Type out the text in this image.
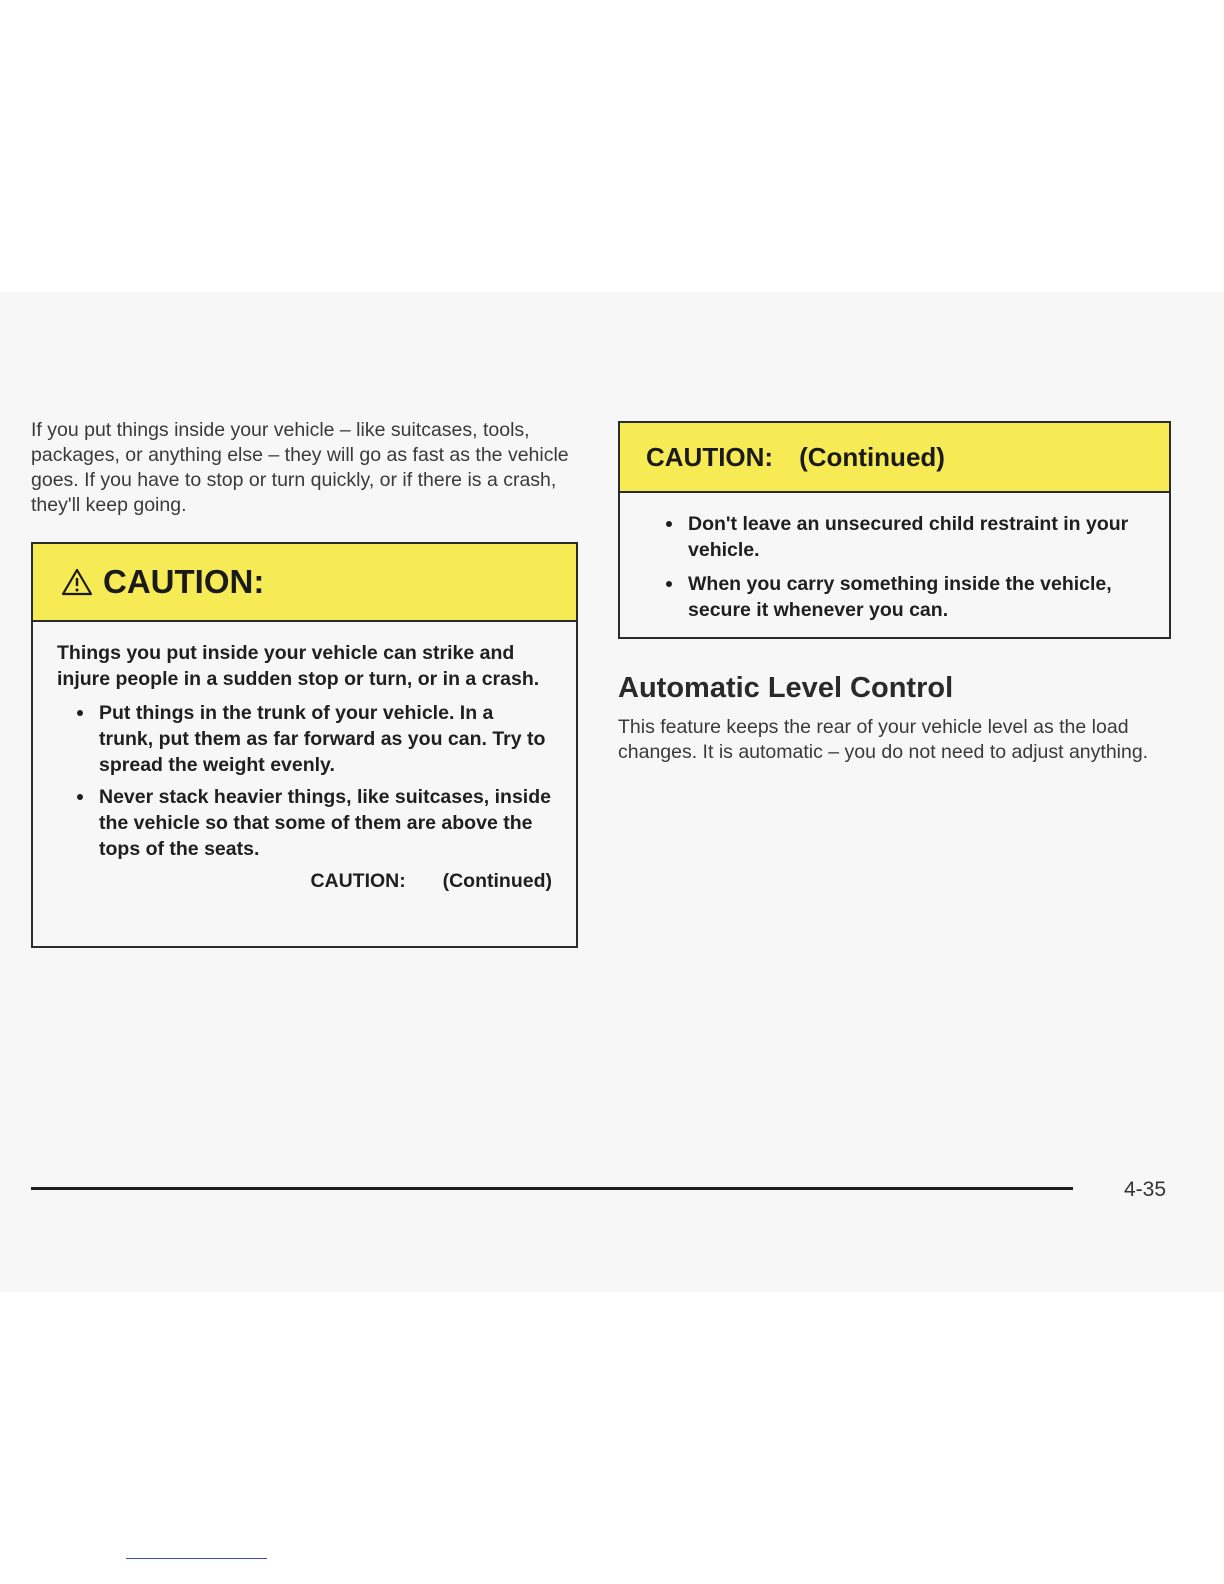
If you put things inside your vehicle – like suitcases, tools, packages, or anything else – they will go as fast as the vehicle goes. If you have to stop or turn quickly, or if there is a crash, they'll keep going.

CAUTION:

Things you put inside your vehicle can strike and injure people in a sudden stop or turn, or in a crash.

Put things in the trunk of your vehicle. In a trunk, put them as far forward as you can. Try to spread the weight evenly.
Never stack heavier things, like suitcases, inside the vehicle so that some of them are above the tops of the seats.
CAUTION: (Continued)
CAUTION: (Continued)
Don't leave an unsecured child restraint in your vehicle.
When you carry something inside the vehicle, secure it whenever you can.
Automatic Level Control

This feature keeps the rear of your vehicle level as the load changes. It is automatic – you do not need to adjust anything.

4-35
